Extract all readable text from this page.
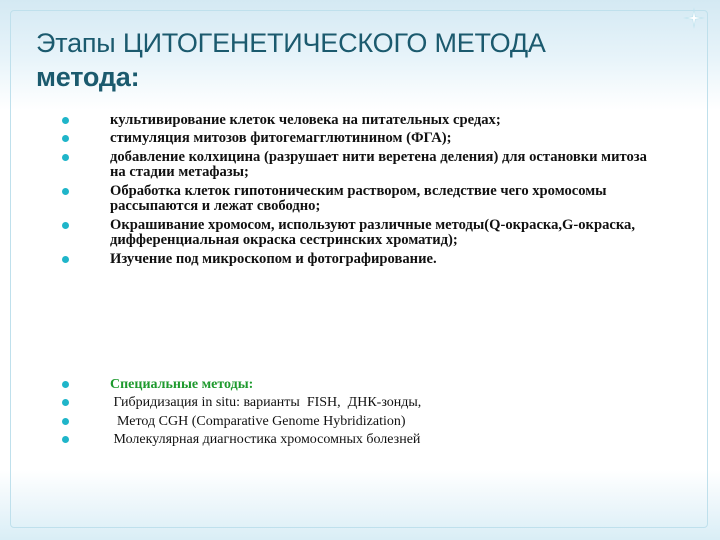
Этапы ЦИТОГЕНЕТИЧЕСКОГО МЕТОДА
метода:
культивирование клеток человека на питательных средах;
стимуляция митозов фитогемагглютинином (ФГА);
добавление колхицина (разрушает нити веретена деления) для остановки митоза на стадии метафазы;
Обработка клеток гипотоническим раствором, вследствие чего хромосомы рассыпаются и лежат свободно;
Окрашивание хромосом, используют различные методы(Q-окраска,G-окраска, дифференциальная окраска сестринских хроматид);
Изучение под микроскопом и фотографирование.
Специальные методы:
Гибридизация in situ: варианты  FISH,  ДНК-зонды,
Метод CGH (Comparative Genome Hybridization)
Молекулярная диагностика хромосомных болезней
